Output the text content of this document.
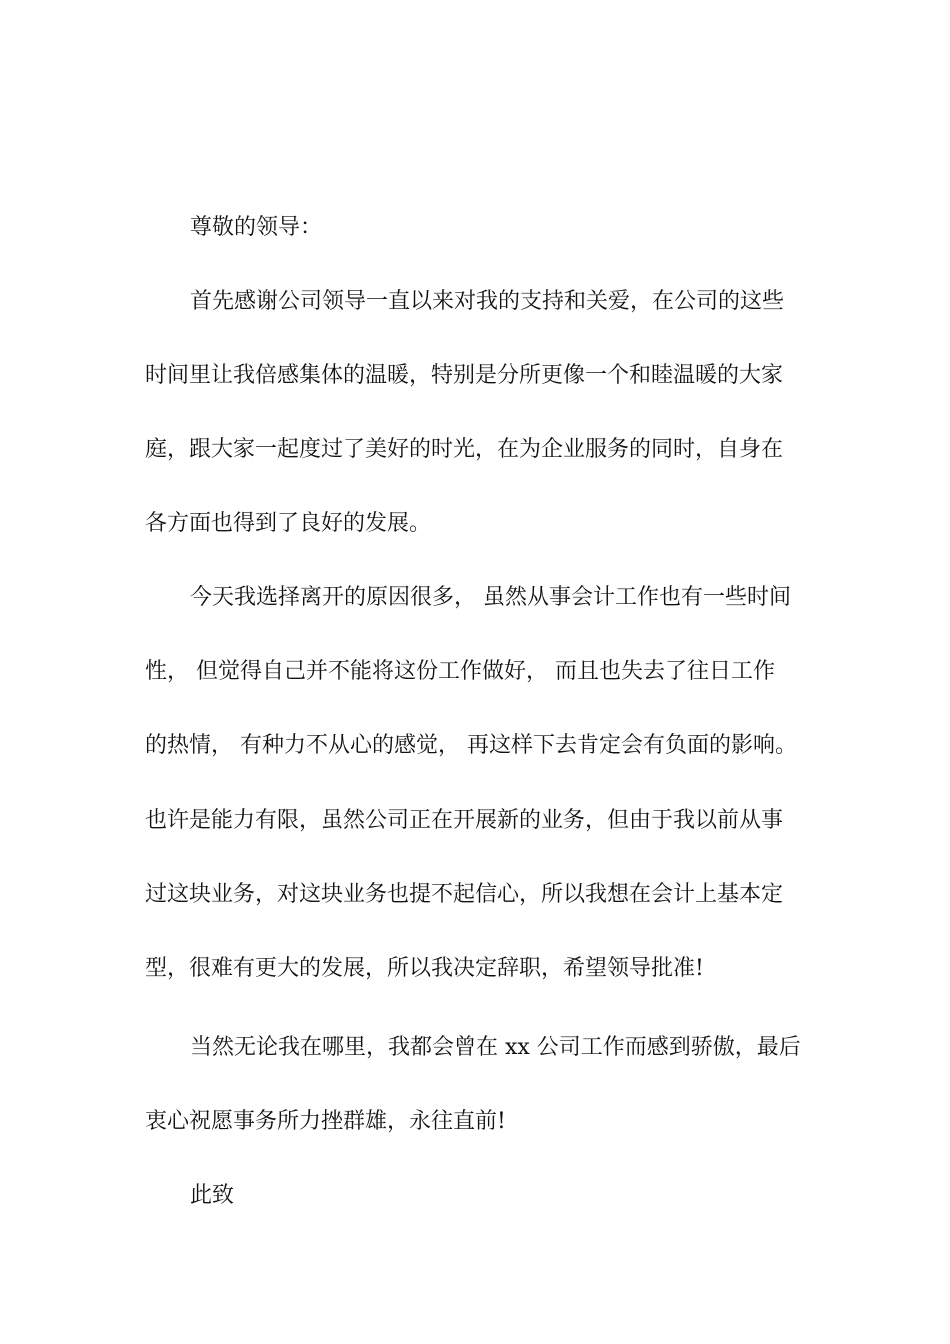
尊敬的领导：
首先感谢公司领导一直以来对我的支持和关爱，在公司的这些
时间里让我倍感集体的温暖，特别是分所更像一个和睦温暖的大家
庭，跟大家一起度过了美好的时光，在为企业服务的同时，自身在
各方面也得到了良好的发展。
今天我选择离开的原因很多， 虽然从事会计工作也有一些时间
性， 但觉得自己并不能将这份工作做好， 而且也失去了往日工作
的热情， 有种力不从心的感觉， 再这样下去肯定会有负面的影响。
也许是能力有限，虽然公司正在开展新的业务，但由于我以前从事
过这块业务，对这块业务也提不起信心，所以我想在会计上基本定
型，很难有更大的发展，所以我决定辞职，希望领导批准!
当然无论我在哪里，我都会曾在 xx 公司工作而感到骄傲，最后
衷心祝愿事务所力挫群雄，永往直前!
此致
